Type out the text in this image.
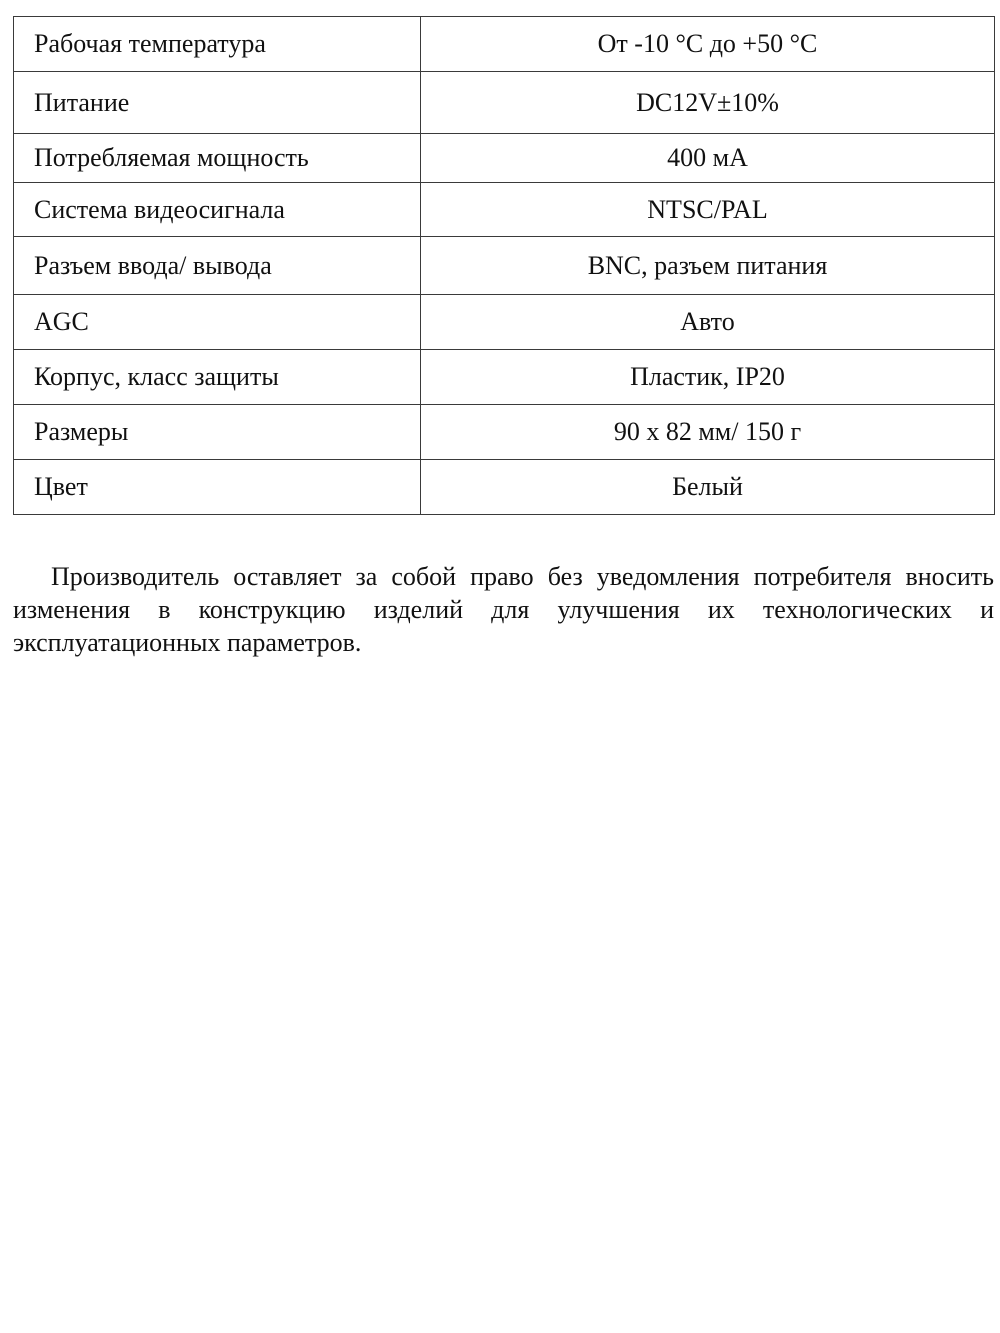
Рабочая температура	От -10 °С до +50 °С
Питание	DC12V±10%
Потребляемая мощность	400 мА
Система видеосигнала	NTSC/PAL
Разъем ввода/ вывода	BNC, разъем питания
AGC	Авто
Корпус, класс защиты	Пластик, IP20
Размеры	90 х 82 мм/ 150 г
Цвет	Белый

Производитель оставляет за собой право без уведомления потребителя вносить изменения в конструкцию изделий для улучшения их технологических и эксплуатационных параметров.
